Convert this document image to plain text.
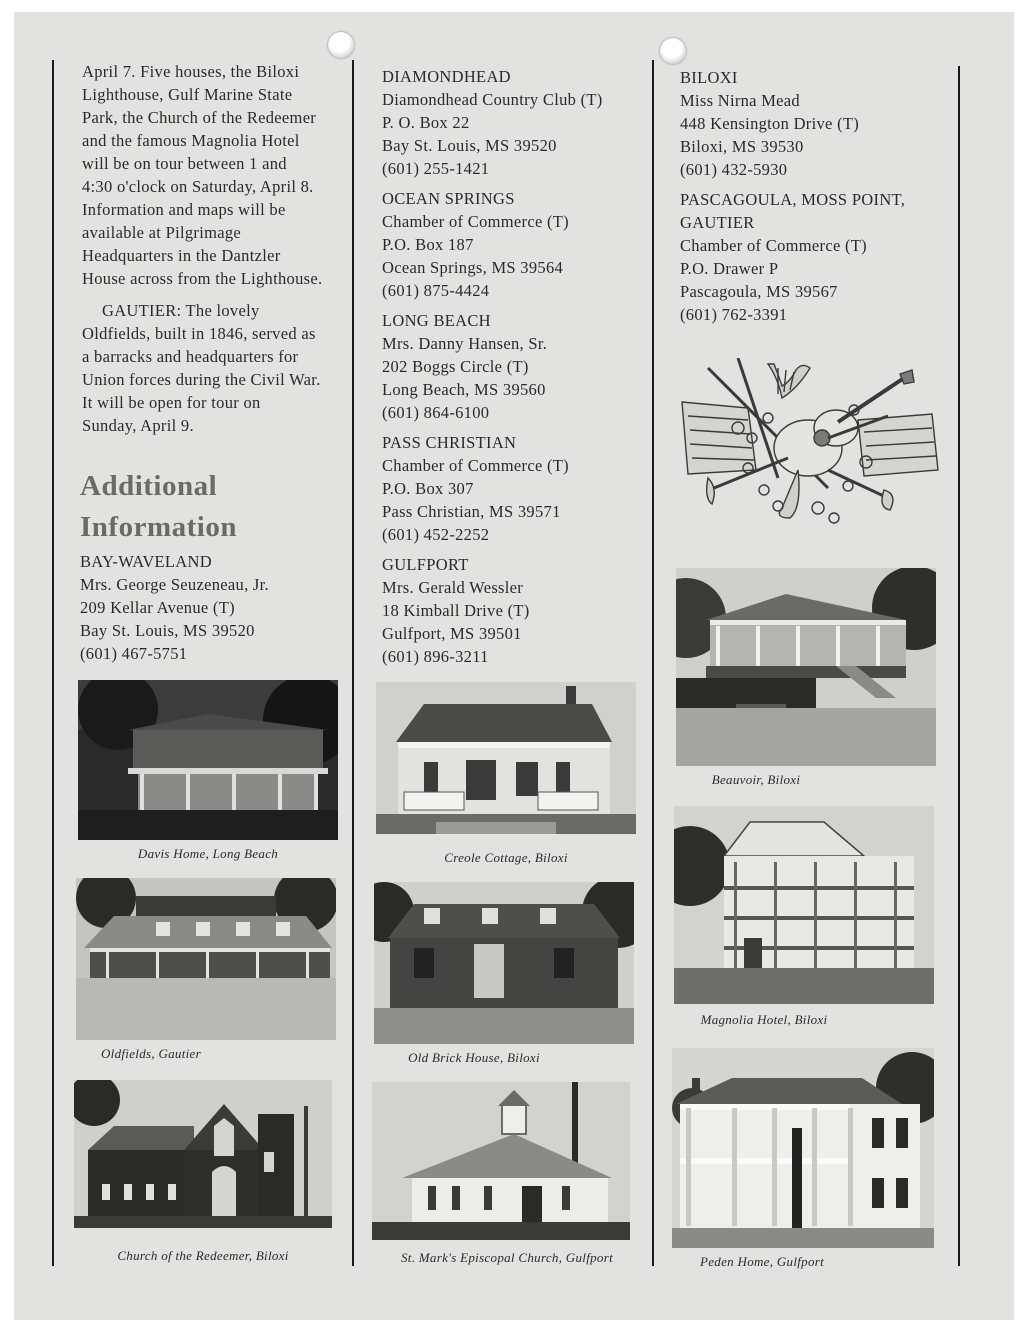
April 7. Five houses, the Biloxi
Lighthouse, Gulf Marine State
Park, the Church of the Redeemer
and the famous Magnolia Hotel
will be on tour between 1 and
4:30 o'clock on Saturday, April 8.
Information and maps will be
available at Pilgrimage
Headquarters in the Dantzler
House across from the Lighthouse.

GAUTIER: The lovely
Oldfields, built in 1846, served as
a barracks and headquarters for
Union forces during the Civil War.
It will be open for tour on
Sunday, April 9.

Additional
Information
BAY-WAVELAND
Mrs. George Seuzeneau, Jr.
209 Kellar Avenue (T)
Bay St. Louis, MS 39520
(601) 467-5751
DIAMONDHEAD
Diamondhead Country Club (T)
P. O. Box 22
Bay St. Louis, MS 39520
(601) 255-1421
OCEAN SPRINGS
Chamber of Commerce (T)
P.O. Box 187
Ocean Springs, MS 39564
(601) 875-4424
LONG BEACH
Mrs. Danny Hansen, Sr.
202 Boggs Circle (T)
Long Beach, MS 39560
(601) 864-6100
PASS CHRISTIAN
Chamber of Commerce (T)
P.O. Box 307
Pass Christian, MS 39571
(601) 452-2252
GULFPORT
Mrs. Gerald Wessler
18 Kimball Drive (T)
Gulfport, MS 39501
(601) 896-3211
BILOXI
Miss Nirna Mead
448 Kensington Drive (T)
Biloxi, MS 39530
(601) 432-5930
PASCAGOULA, MOSS POINT, GAUTIER
Chamber of Commerce (T)
P.O. Drawer P
Pascagoula, MS 39567
(601) 762-3391
Davis Home, Long Beach	Creole Cottage, Biloxi
Beauvoir, Biloxi
Oldfields, Gautier	Old Brick House, Biloxi
Magnolia Hotel, Biloxi
Church of the Redeemer, Biloxi	St. Mark's Episcopal Church, Gulfport	Peden Home, Gulfport
